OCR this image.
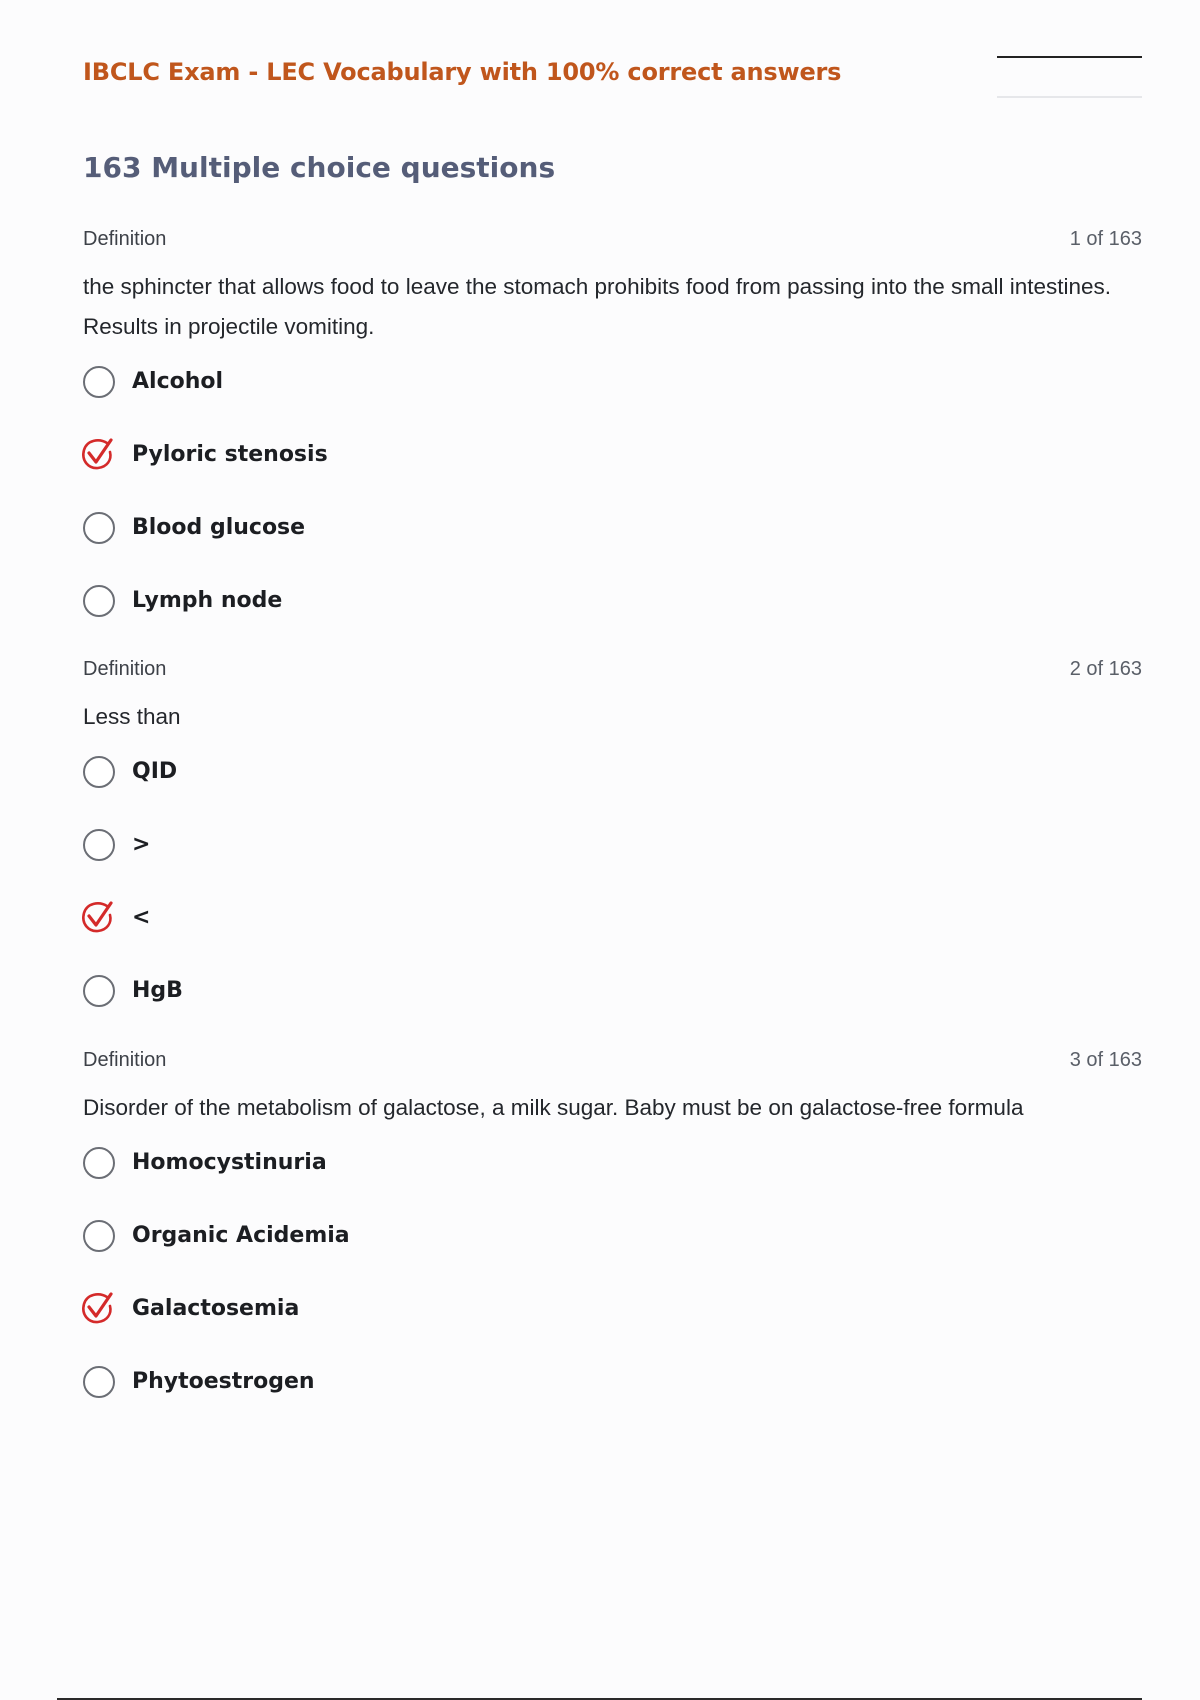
IBCLC Exam - LEC Vocabulary with 100% correct answers
163 Multiple choice questions
Definition	1 of 163
the sphincter that allows food to leave the stomach prohibits food from passing into the small intestines. Results in projectile vomiting.
Alcohol
Pyloric stenosis
Blood glucose
Lymph node
Definition	2 of 163
Less than
QID
>
<
HgB
Definition	3 of 163
Disorder of the metabolism of galactose, a milk sugar. Baby must be on galactose-free formula
Homocystinuria
Organic Acidemia
Galactosemia
Phytoestrogen
